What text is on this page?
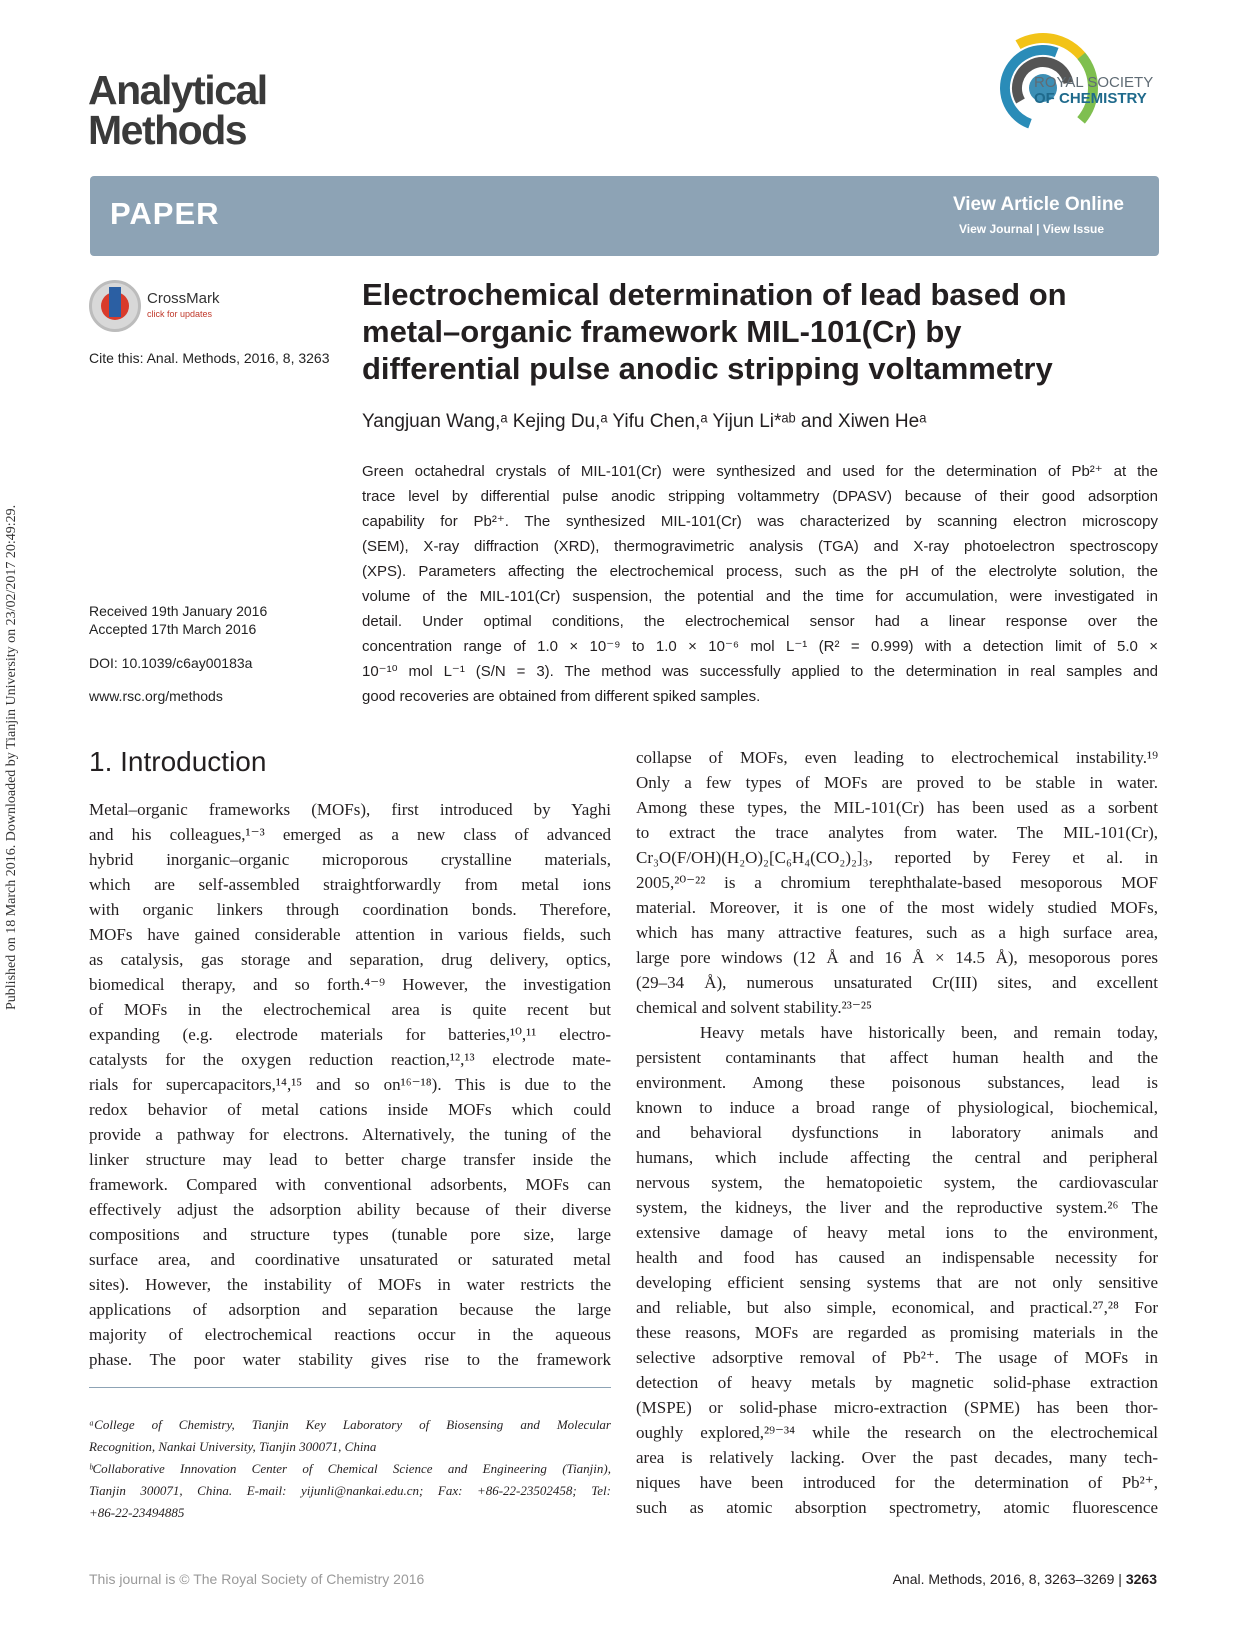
Published on 18 March 2016. Downloaded by Tianjin University on 23/02/2017 20:49:29.
Analytical
Methods
ROYAL SOCIETY
OF CHEMISTRY
PAPER	View Article Online
View Journal | View Issue
CrossMark
click for updates
Cite this: Anal. Methods, 2016, 8, 3263
Received 19th January 2016
Accepted 17th March 2016
DOI: 10.1039/c6ay00183a
www.rsc.org/methods
Electrochemical determination of lead based on
metal–organic framework MIL-101(Cr) by
differential pulse anodic stripping voltammetry
Yangjuan Wang,ᵃ Kejing Du,ᵃ Yifu Chen,ᵃ Yijun Li*ᵃᵇ and Xiwen Heᵃ
Green octahedral crystals of MIL-101(Cr) were synthesized and used for the determination of Pb²⁺ at the
trace level by differential pulse anodic stripping voltammetry (DPASV) because of their good adsorption
capability for Pb²⁺. The synthesized MIL-101(Cr) was characterized by scanning electron microscopy
(SEM), X-ray diffraction (XRD), thermogravimetric analysis (TGA) and X-ray photoelectron spectroscopy
(XPS). Parameters affecting the electrochemical process, such as the pH of the electrolyte solution, the
volume of the MIL-101(Cr) suspension, the potential and the time for accumulation, were investigated in
detail. Under optimal conditions, the electrochemical sensor had a linear response over the
concentration range of 1.0 × 10⁻⁹ to 1.0 × 10⁻⁶ mol L⁻¹ (R² = 0.999) with a detection limit of 5.0 ×
10⁻¹⁰ mol L⁻¹ (S/N = 3). The method was successfully applied to the determination in real samples and
good recoveries are obtained from different spiked samples.
1. Introduction
Metal–organic frameworks (MOFs), first introduced by Yaghi
and his colleagues,¹⁻³ emerged as a new class of advanced
hybrid inorganic–organic microporous crystalline materials,
which are self-assembled straightforwardly from metal ions
with organic linkers through coordination bonds. Therefore,
MOFs have gained considerable attention in various fields, such
as catalysis, gas storage and separation, drug delivery, optics,
biomedical therapy, and so forth.⁴⁻⁹ However, the investigation
of MOFs in the electrochemical area is quite recent but
expanding (e.g. electrode materials for batteries,¹⁰,¹¹ electro-
catalysts for the oxygen reduction reaction,¹²,¹³ electrode mate-
rials for supercapacitors,¹⁴,¹⁵ and so on¹⁶⁻¹⁸). This is due to the
redox behavior of metal cations inside MOFs which could
provide a pathway for electrons. Alternatively, the tuning of the
linker structure may lead to better charge transfer inside the
framework. Compared with conventional adsorbents, MOFs can
effectively adjust the adsorption ability because of their diverse
compositions and structure types (tunable pore size, large
surface area, and coordinative unsaturated or saturated metal
sites). However, the instability of MOFs in water restricts the
applications of adsorption and separation because the large
majority of electrochemical reactions occur in the aqueous
phase. The poor water stability gives rise to the framework
collapse of MOFs, even leading to electrochemical instability.¹⁹
Only a few types of MOFs are proved to be stable in water.
Among these types, the MIL-101(Cr) has been used as a sorbent
to extract the trace analytes from water. The MIL-101(Cr),
Cr₃O(F/OH)(H₂O)₂[C₆H₄(CO₂)₂]₃, reported by Ferey et al. in
2005,²⁰⁻²² is a chromium terephthalate-based mesoporous MOF
material. Moreover, it is one of the most widely studied MOFs,
which has many attractive features, such as a high surface area,
large pore windows (12 Å and 16 Å × 14.5 Å), mesoporous pores
(29–34 Å), numerous unsaturated Cr(III) sites, and excellent
chemical and solvent stability.²³⁻²⁵
Heavy metals have historically been, and remain today,
persistent contaminants that affect human health and the
environment. Among these poisonous substances, lead is
known to induce a broad range of physiological, biochemical,
and behavioral dysfunctions in laboratory animals and
humans, which include affecting the central and peripheral
nervous system, the hematopoietic system, the cardiovascular
system, the kidneys, the liver and the reproductive system.²⁶ The
extensive damage of heavy metal ions to the environment,
health and food has caused an indispensable necessity for
developing efficient sensing systems that are not only sensitive
and reliable, but also simple, economical, and practical.²⁷,²⁸ For
these reasons, MOFs are regarded as promising materials in the
selective adsorptive removal of Pb²⁺. The usage of MOFs in
detection of heavy metals by magnetic solid-phase extraction
(MSPE) or solid-phase micro-extraction (SPME) has been thor-
oughly explored,²⁹⁻³⁴ while the research on the electrochemical
area is relatively lacking. Over the past decades, many tech-
niques have been introduced for the determination of Pb²⁺,
such as atomic absorption spectrometry, atomic fluorescence
ᵃCollege of Chemistry, Tianjin Key Laboratory of Biosensing and Molecular
Recognition, Nankai University, Tianjin 300071, China
ᵇCollaborative Innovation Center of Chemical Science and Engineering (Tianjin),
Tianjin 300071, China. E-mail: yijunli@nankai.edu.cn; Fax: +86-22-23502458; Tel:
+86-22-23494885
This journal is © The Royal Society of Chemistry 2016	Anal. Methods, 2016, 8, 3263–3269 | 3263
